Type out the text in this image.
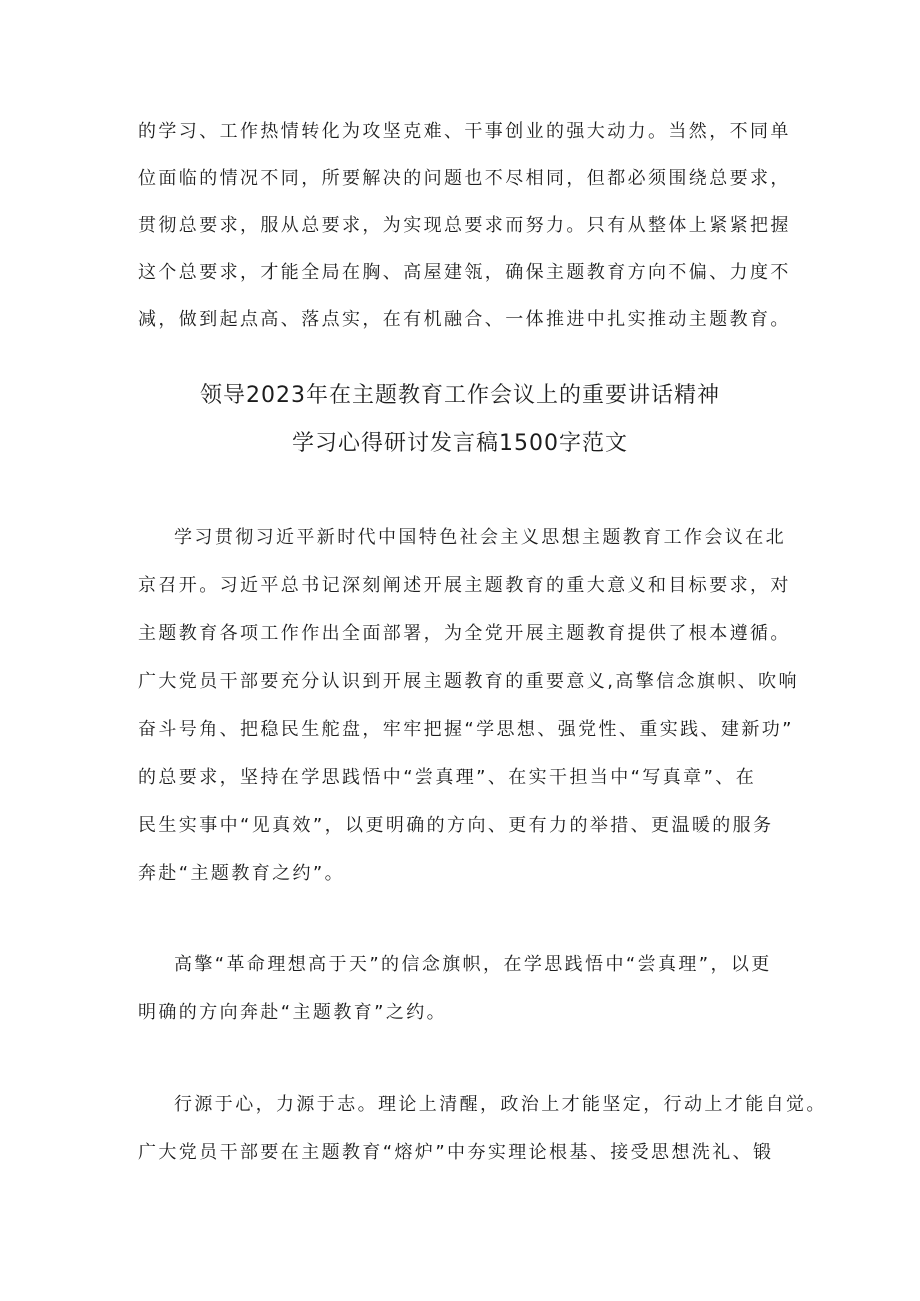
的学习、工作热情转化为攻坚克难、干事创业的强大动力。当然，不同单
位面临的情况不同，所要解决的问题也不尽相同，但都必须围绕总要求，
贯彻总要求，服从总要求，为实现总要求而努力。只有从整体上紧紧把握
这个总要求，才能全局在胸、高屋建瓴，确保主题教育方向不偏、力度不
减，做到起点高、落点实，在有机融合、一体推进中扎实推动主题教育。
领导2023年在主题教育工作会议上的重要讲话精神
学习心得研讨发言稿1500字范文
学习贯彻习近平新时代中国特色社会主义思想主题教育工作会议在北
京召开。习近平总书记深刻阐述开展主题教育的重大意义和目标要求，对
主题教育各项工作作出全面部署，为全党开展主题教育提供了根本遵循。
广大党员干部要充分认识到开展主题教育的重要意义,高擎信念旗帜、吹响
奋斗号角、把稳民生舵盘，牢牢把握“学思想、强党性、重实践、建新功”
的总要求，坚持在学思践悟中“尝真理”、在实干担当中“写真章”、在
民生实事中“见真效”，以更明确的方向、更有力的举措、更温暖的服务
奔赴“主题教育之约”。
高擎“革命理想高于天”的信念旗帜，在学思践悟中“尝真理”，以更
明确的方向奔赴“主题教育”之约。
行源于心，力源于志。理论上清醒，政治上才能坚定，行动上才能自觉。
广大党员干部要在主题教育“熔炉”中夯实理论根基、接受思想洗礼、锻
